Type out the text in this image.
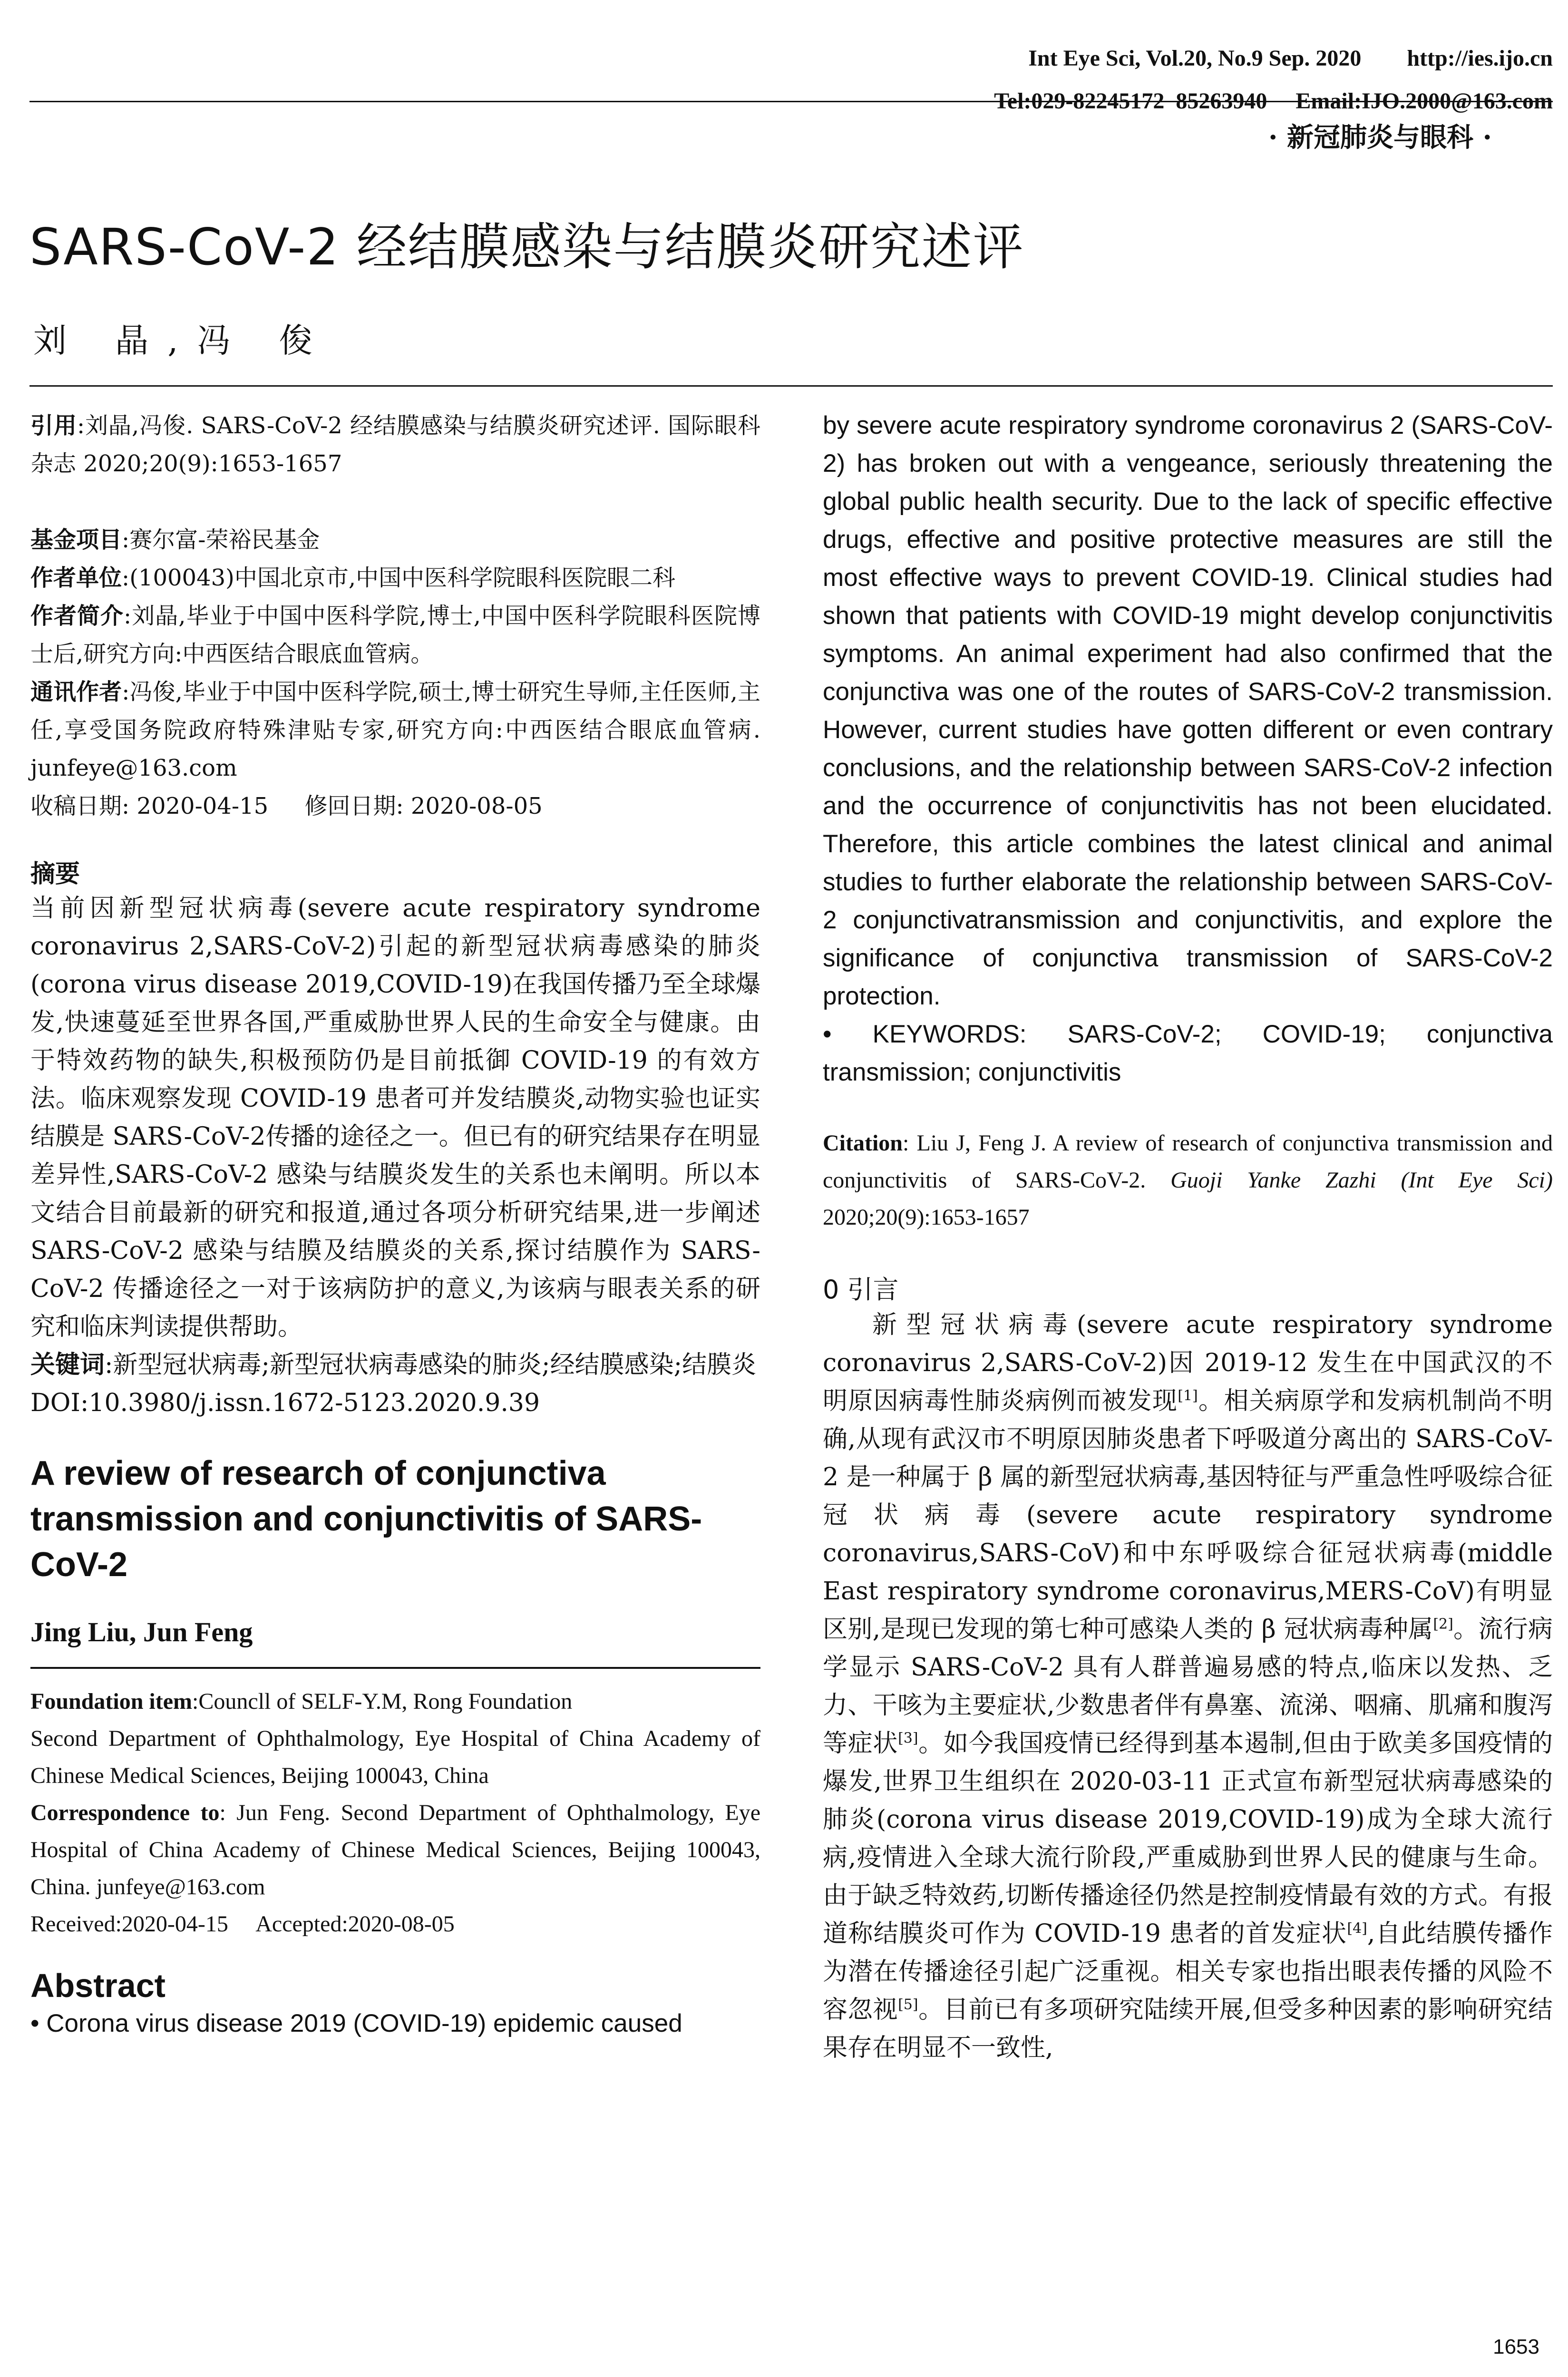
Int Eye Sci, Vol.20, No.9 Sep. 2020 http://ies.ijo.cn

Tel:029-82245172  85263940 Email:IJO.2000@163.com

· 新冠肺炎与眼科 ·
SARS-CoV-2 经结膜感染与结膜炎研究述评
刘 晶,冯 俊

引用:刘晶,冯俊. SARS-CoV-2 经结膜感染与结膜炎研究述评. 国际眼科杂志 2020;20(9):1653-1657

基金项目:赛尔富-荣裕民基金

作者单位:(100043)中国北京市,中国中医科学院眼科医院眼二科

作者简介:刘晶,毕业于中国中医科学院,博士,中国中医科学院眼科医院博士后,研究方向:中西医结合眼底血管病。

通讯作者:冯俊,毕业于中国中医科学院,硕士,博士研究生导师,主任医师,主任,享受国务院政府特殊津贴专家,研究方向:中西医结合眼底血管病. junfeye@163.com

收稿日期: 2020-04-15     修回日期: 2020-08-05

摘要

当前因新型冠状病毒(severe acute respiratory syndrome coronavirus 2,SARS-CoV-2)引起的新型冠状病毒感染的肺炎(corona virus disease 2019,COVID-19)在我国传播乃至全球爆发,快速蔓延至世界各国,严重威胁世界人民的生命安全与健康。由于特效药物的缺失,积极预防仍是目前抵御 COVID-19 的有效方法。临床观察发现 COVID-19 患者可并发结膜炎,动物实验也证实结膜是 SARS-CoV-2传播的途径之一。但已有的研究结果存在明显差异性,SARS-CoV-2 感染与结膜炎发生的关系也未阐明。所以本文结合目前最新的研究和报道,通过各项分析研究结果,进一步阐述 SARS-CoV-2 感染与结膜及结膜炎的关系,探讨结膜作为 SARS-CoV-2 传播途径之一对于该病防护的意义,为该病与眼表关系的研究和临床判读提供帮助。

关键词:新型冠状病毒;新型冠状病毒感染的肺炎;经结膜感染;结膜炎

DOI:10.3980/j.issn.1672-5123.2020.9.39

A review of research of conjunctiva transmission and conjunctivitis of SARS-CoV-2

Jing Liu, Jun Feng

Foundation item:Councll of SELF-Y.M, Rong Foundation

Second Department of Ophthalmology, Eye Hospital of China Academy of Chinese Medical Sciences, Beijing 100043, China

Correspondence to: Jun Feng. Second Department of Ophthalmology, Eye Hospital of China Academy of Chinese Medical Sciences, Beijing 100043, China. junfeye@163.com

Received:2020-04-15     Accepted:2020-08-05

Abstract

• Corona virus disease 2019 (COVID-19) epidemic caused

by severe acute respiratory syndrome coronavirus 2 (SARS-CoV-2) has broken out with a vengeance, seriously threatening the global public health security. Due to the lack of specific effective drugs, effective and positive protective measures are still the most effective ways to prevent COVID-19. Clinical studies had shown that patients with COVID-19 might develop conjunctivitis symptoms. An animal experiment had also confirmed that the conjunctiva was one of the routes of SARS-CoV-2 transmission. However, current studies have gotten different or even contrary conclusions, and the relationship between SARS-CoV-2 infection and the occurrence of conjunctivitis has not been elucidated. Therefore, this article combines the latest clinical and animal studies to further elaborate the relationship between SARS-CoV-2 conjunctivatransmission and conjunctivitis, and explore the significance of conjunctiva transmission of SARS-CoV-2 protection.

• KEYWORDS: SARS-CoV-2; COVID-19; conjunctiva transmission; conjunctivitis

Citation: Liu J, Feng J. A review of research of conjunctiva transmission and conjunctivitis of SARS-CoV-2. Guoji Yanke Zazhi (Int Eye Sci) 2020;20(9):1653-1657

0 引言

新型冠状病毒(severe acute respiratory syndrome coronavirus 2,SARS-CoV-2)因 2019-12 发生在中国武汉的不明原因病毒性肺炎病例而被发现[1]。相关病原学和发病机制尚不明确,从现有武汉市不明原因肺炎患者下呼吸道分离出的 SARS-CoV-2 是一种属于 β 属的新型冠状病毒,基因特征与严重急性呼吸综合征冠状病毒(severe acute respiratory syndrome coronavirus,SARS-CoV)和中东呼吸综合征冠状病毒(middle East respiratory syndrome coronavirus,MERS-CoV)有明显区别,是现已发现的第七种可感染人类的 β 冠状病毒种属[2]。流行病学显示 SARS-CoV-2 具有人群普遍易感的特点,临床以发热、乏力、干咳为主要症状,少数患者伴有鼻塞、流涕、咽痛、肌痛和腹泻等症状[3]。如今我国疫情已经得到基本遏制,但由于欧美多国疫情的爆发,世界卫生组织在 2020-03-11 正式宣布新型冠状病毒感染的肺炎(corona virus disease 2019,COVID-19)成为全球大流行病,疫情进入全球大流行阶段,严重威胁到世界人民的健康与生命。由于缺乏特效药,切断传播途径仍然是控制疫情最有效的方式。有报道称结膜炎可作为 COVID-19 患者的首发症状[4],自此结膜传播作为潜在传播途径引起广泛重视。相关专家也指出眼表传播的风险不容忽视[5]。目前已有多项研究陆续开展,但受多种因素的影响研究结果存在明显不一致性,

1653
